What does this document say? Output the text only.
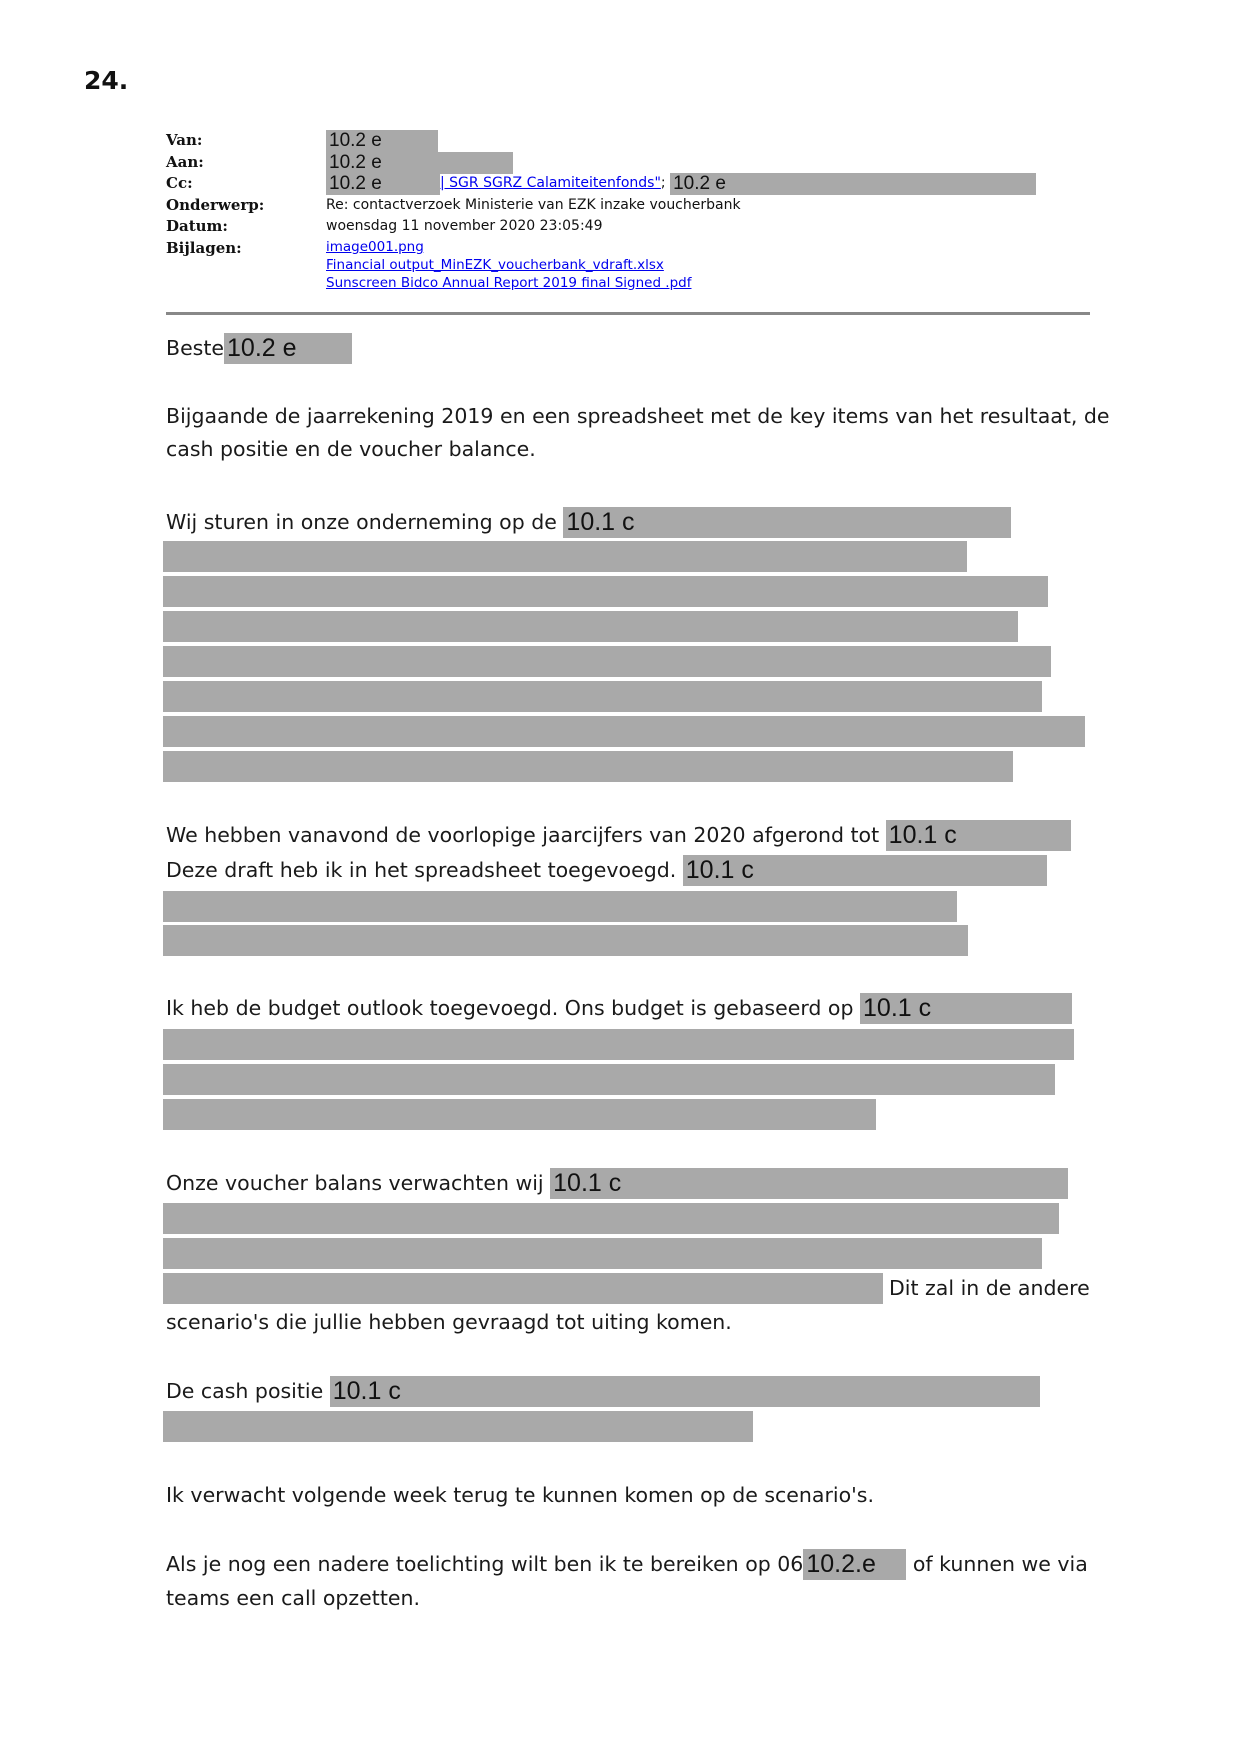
24.
Van:	10.2 e
Aan:	10.2 e
Cc:	10.2 e	| SGR SGRZ Calamiteitenfonds"; 10.2 e
Onderwerp:	Re: contactverzoek Ministerie van EZK inzake voucherbank
Datum:	woensdag 11 november 2020 23:05:49
Bijlagen:	image001.png
Financial output_MinEZK_voucherbank_vdraft.xlsx
Sunscreen Bidco Annual Report 2019 final Signed .pdf
Beste 10.2 e
Bijgaande de jaarrekening 2019 en een spreadsheet met de key items van het resultaat, de
cash positie en de voucher balance.
Wij sturen in onze onderneming op de 10.1 c
We hebben vanavond de voorlopige jaarcijfers van 2020 afgerond tot 10.1 c
Deze draft heb ik in het spreadsheet toegevoegd. 10.1 c
Ik heb de budget outlook toegevoegd. Ons budget is gebaseerd op 10.1 c
Onze voucher balans verwachten wij 10.1 c
Dit zal in de andere
scenario's die jullie hebben gevraagd tot uiting komen.
De cash positie 10.1 c
Ik verwacht volgende week terug te kunnen komen op de scenario's.
Als je nog een nadere toelichting wilt ben ik te bereiken op 06 10.2.e of kunnen we via
teams een call opzetten.
